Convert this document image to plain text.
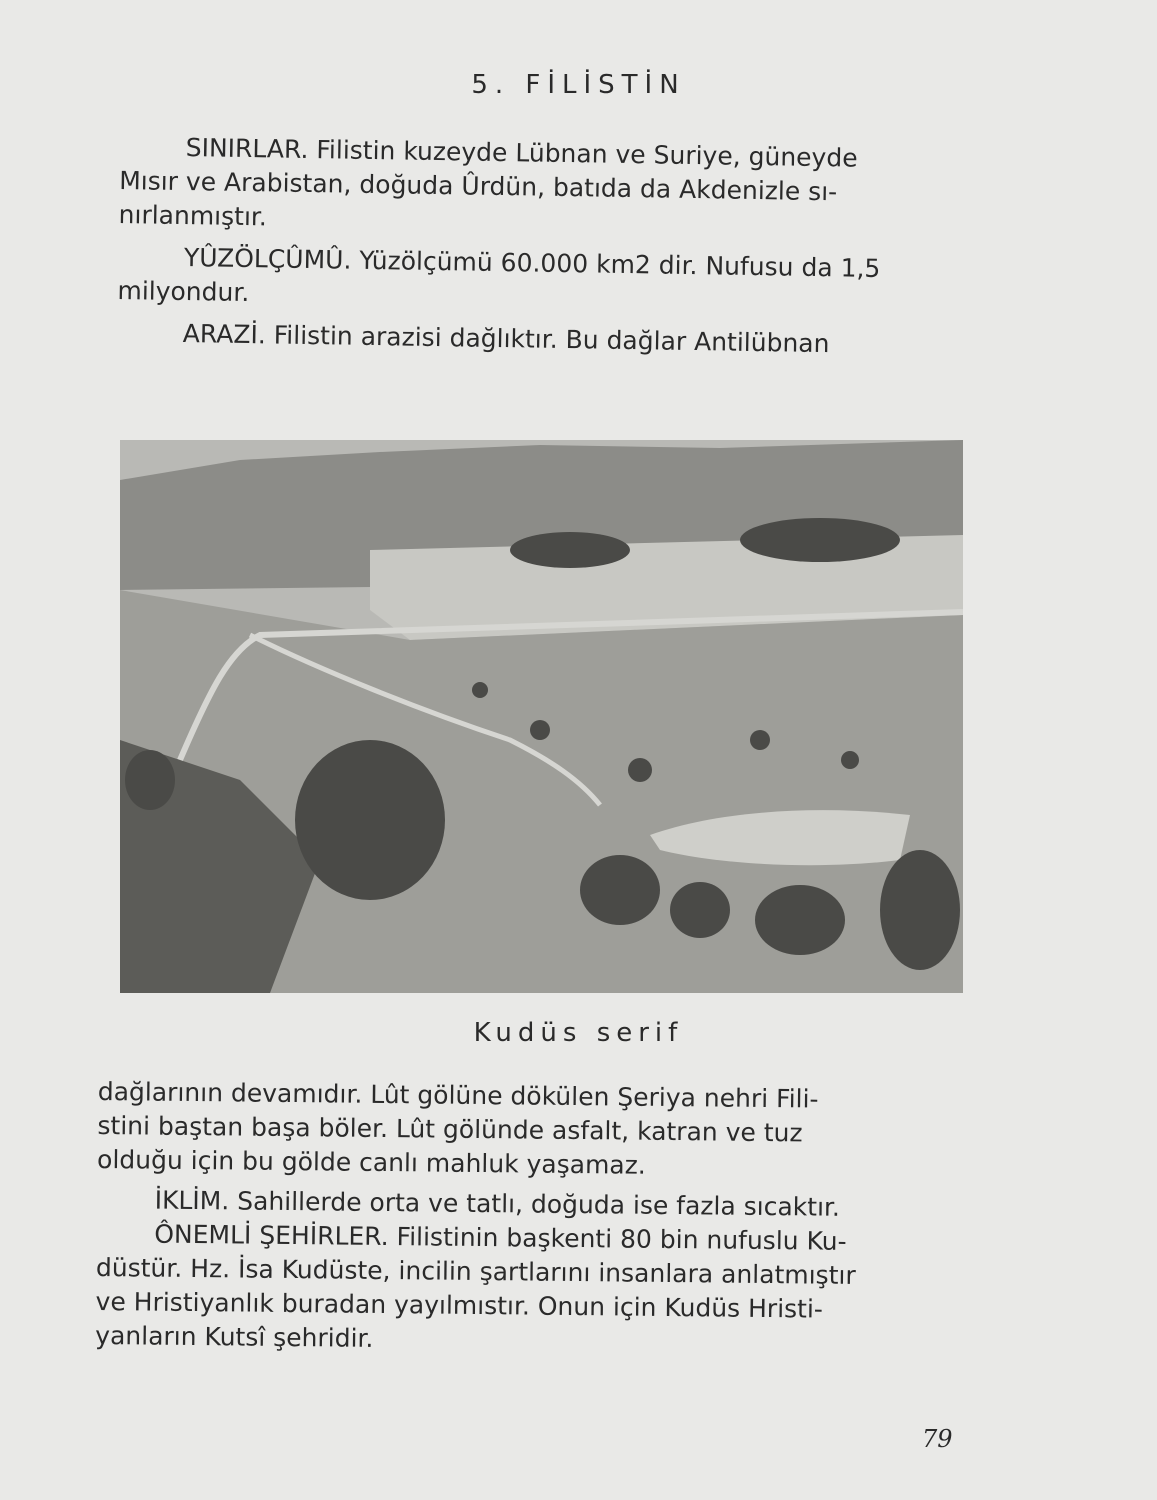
5. FİLİSTİN
SINIRLAR. Filistin kuzeyde Lübnan ve Suriye, güneyde
Mısır ve Arabistan, doğuda Ûrdün, batıda da Akdenizle sı-
nırlanmıştır.
YÛZÖLÇÛMÛ. Yüzölçümü 60.000 km2 dir. Nufusu da 1,5
milyondur.
ARAZİ. Filistin arazisi dağlıktır. Bu dağlar Antilübnan
Kudüs serif
dağlarının devamıdır. Lût gölüne dökülen Şeriya nehri Fili-
stini baştan başa böler. Lût gölünde asfalt, katran ve tuz
olduğu için bu gölde canlı mahluk yaşamaz.
İKLİM. Sahillerde orta ve tatlı, doğuda ise fazla sıcaktır.
ÔNEMLİ ŞEHİRLER. Filistinin başkenti 80 bin nufuslu Ku-
düstür. Hz. İsa Kudüste, incilin şartlarını insanlara anlatmıştır
ve Hristiyanlık buradan yayılmıstır. Onun için Kudüs Hristi-
yanların Kutsî şehridir.
79
